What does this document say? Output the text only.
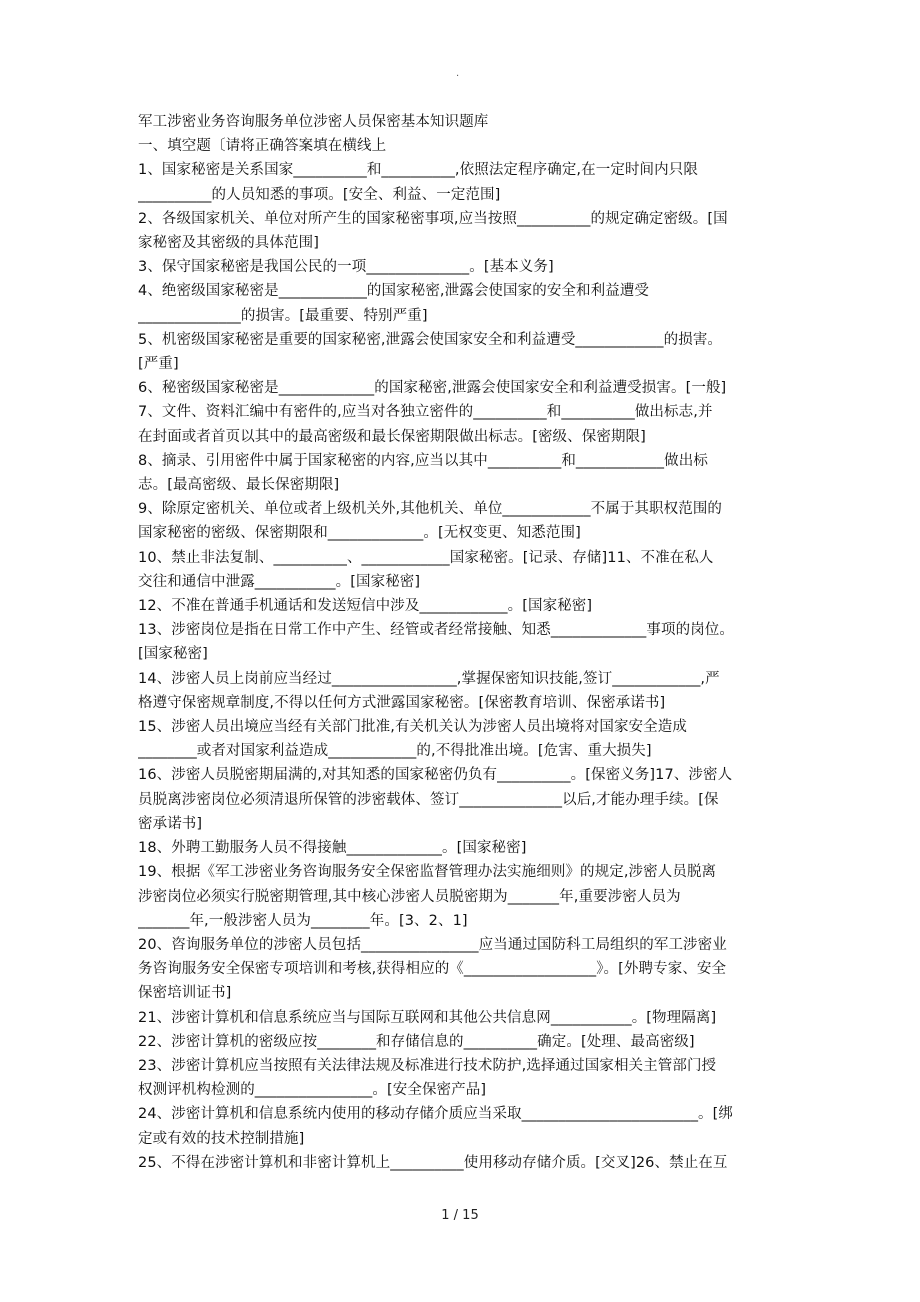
.
军工涉密业务咨询服务单位涉密人员保密基本知识题库
一、填空题〔请将正确答案填在横线上
1、国家秘密是关系国家__________和__________,依照法定程序确定,在一定时间内只限
__________的人员知悉的事项。[安全、利益、一定范围]
2、各级国家机关、单位对所产生的国家秘密事项,应当按照__________的规定确定密级。[国
家秘密及其密级的具体范围]
3、保守国家秘密是我国公民的一项______________。[基本义务]
4、绝密级国家秘密是____________的国家秘密,泄露会使国家的安全和利益遭受
______________的损害。[最重要、特别严重]
5、机密级国家秘密是重要的国家秘密,泄露会使国家安全和利益遭受____________的损害。
[严重]
6、秘密级国家秘密是_____________的国家秘密,泄露会使国家安全和利益遭受损害。[一般]
7、文件、资料汇编中有密件的,应当对各独立密件的__________和__________做出标志,并
在封面或者首页以其中的最高密级和最长保密期限做出标志。[密级、保密期限]
8、摘录、引用密件中属于国家秘密的内容,应当以其中__________和____________做出标
志。[最高密级、最长保密期限]
9、除原定密机关、单位或者上级机关外,其他机关、单位____________不属于其职权范围的
国家秘密的密级、保密期限和_____________。[无权变更、知悉范围]
10、禁止非法复制、__________、____________国家秘密。[记录、存储]11、不准在私人
交往和通信中泄露___________。[国家秘密]
12、不准在普通手机通话和发送短信中涉及____________。[国家秘密]
13、涉密岗位是指在日常工作中产生、经管或者经常接触、知悉_____________事项的岗位。
[国家秘密]
14、涉密人员上岗前应当经过_________________,掌握保密知识技能,签订____________,严
格遵守保密规章制度,不得以任何方式泄露国家秘密。[保密教育培训、保密承诺书]
15、涉密人员出境应当经有关部门批准,有关机关认为涉密人员出境将对国家安全造成
________或者对国家利益造成____________的,不得批准出境。[危害、重大损失]
16、涉密人员脱密期届满的,对其知悉的国家秘密仍负有__________。[保密义务]17、涉密人
员脱离涉密岗位必须清退所保管的涉密载体、签订______________以后,才能办理手续。[保
密承诺书]
18、外聘工勤服务人员不得接触_____________。[国家秘密]
19、根据《军工涉密业务咨询服务安全保密监督管理办法实施细则》的规定,涉密人员脱离
涉密岗位必须实行脱密期管理,其中核心涉密人员脱密期为_______年,重要涉密人员为
_______年,一般涉密人员为________年。[3、2、1]
20、咨询服务单位的涉密人员包括________________应当通过国防科工局组织的军工涉密业
务咨询服务安全保密专项培训和考核,获得相应的《__________________》。[外聘专家、安全
保密培训证书]
21、涉密计算机和信息系统应当与国际互联网和其他公共信息网___________。[物理隔离]
22、涉密计算机的密级应按________和存储信息的__________确定。[处理、最高密级]
23、涉密计算机应当按照有关法律法规及标准进行技术防护,选择通过国家相关主管部门授
权测评机构检测的________________。[安全保密产品]
24、涉密计算机和信息系统内使用的移动存储介质应当采取________________________。[绑
定或有效的技术控制措施]
25、不得在涉密计算机和非密计算机上__________使用移动存储介质。[交叉]26、禁止在互
1 / 15
